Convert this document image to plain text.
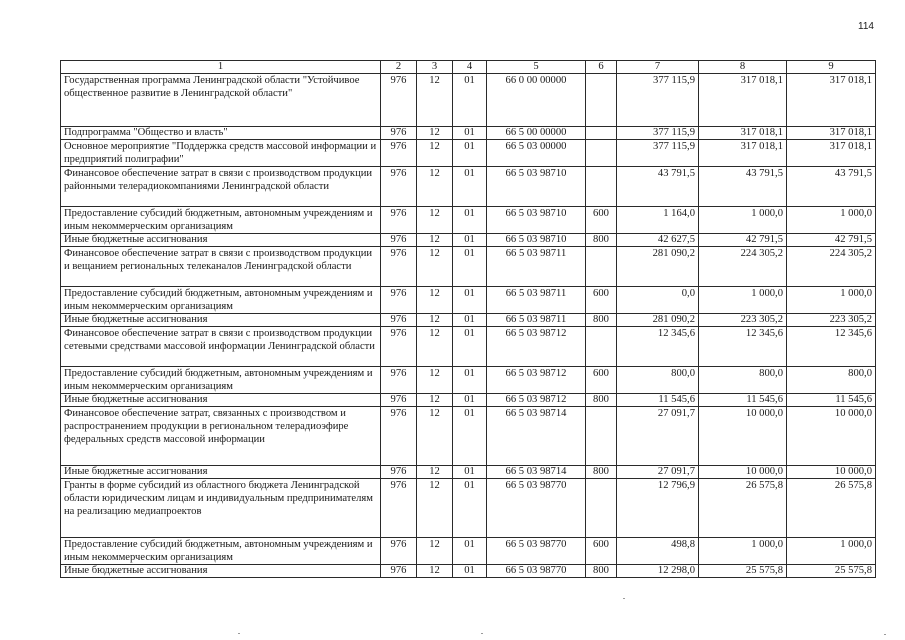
114
1	2	3	4	5	6	7	8	9
Государственная программа Ленинградской области "Устойчивое общественное развитие в Ленинградской области"	976	12	01	66 0 00 00000		377 115,9	317 018,1	317 018,1
Подпрограмма "Общество и власть"	976	12	01	66 5 00 00000		377 115,9	317 018,1	317 018,1
Основное мероприятие "Поддержка средств массовой информации и предприятий полиграфии"	976	12	01	66 5 03 00000		377 115,9	317 018,1	317 018,1
Финансовое обеспечение затрат в связи с производством продукции районными телерадиокомпаниями Ленинградской области	976	12	01	66 5 03 98710		43 791,5	43 791,5	43 791,5
Предоставление субсидий бюджетным, автономным учреждениям и иным некоммерческим организациям	976	12	01	66 5 03 98710	600	1 164,0	1 000,0	1 000,0
Иные бюджетные ассигнования	976	12	01	66 5 03 98710	800	42 627,5	42 791,5	42 791,5
Финансовое обеспечение затрат в связи с производством продукции и вещанием региональных телеканалов Ленинградской области	976	12	01	66 5 03 98711		281 090,2	224 305,2	224 305,2
Предоставление субсидий бюджетным, автономным учреждениям и иным некоммерческим организациям	976	12	01	66 5 03 98711	600	0,0	1 000,0	1 000,0
Иные бюджетные ассигнования	976	12	01	66 5 03 98711	800	281 090,2	223 305,2	223 305,2
Финансовое обеспечение затрат в связи с производством продукции сетевыми средствами массовой информации Ленинградской области	976	12	01	66 5 03 98712		12 345,6	12 345,6	12 345,6
Предоставление субсидий бюджетным, автономным учреждениям и иным некоммерческим организациям	976	12	01	66 5 03 98712	600	800,0	800,0	800,0
Иные бюджетные ассигнования	976	12	01	66 5 03 98712	800	11 545,6	11 545,6	11 545,6
Финансовое обеспечение затрат, связанных с производством и распространением продукции в региональном телерадиоэфире федеральных средств массовой информации	976	12	01	66 5 03 98714		27 091,7	10 000,0	10 000,0
Иные бюджетные ассигнования	976	12	01	66 5 03 98714	800	27 091,7	10 000,0	10 000,0
Гранты в форме субсидий из областного бюджета Ленинградской области юридическим лицам и индивидуальным предпринимателям на реализацию медиапроектов	976	12	01	66 5 03 98770		12 796,9	26 575,8	26 575,8
Предоставление субсидий бюджетным, автономным учреждениям и иным некоммерческим организациям	976	12	01	66 5 03 98770	600	498,8	1 000,0	1 000,0
Иные бюджетные ассигнования	976	12	01	66 5 03 98770	800	12 298,0	25 575,8	25 575,8
